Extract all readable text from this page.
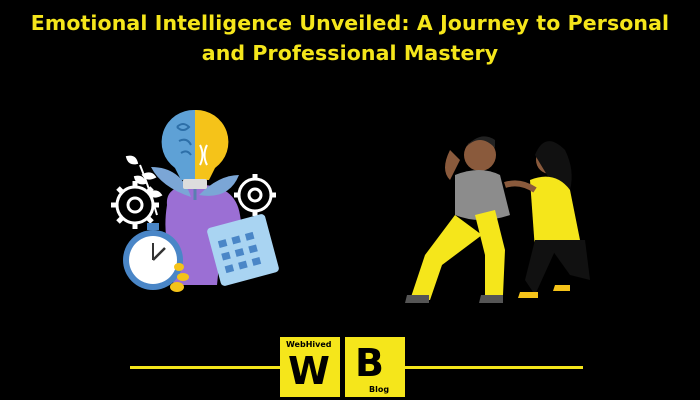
Emotional Intelligence Unveiled: A Journey to Personal
and Professional Mastery
WebHived
W B
Blog
